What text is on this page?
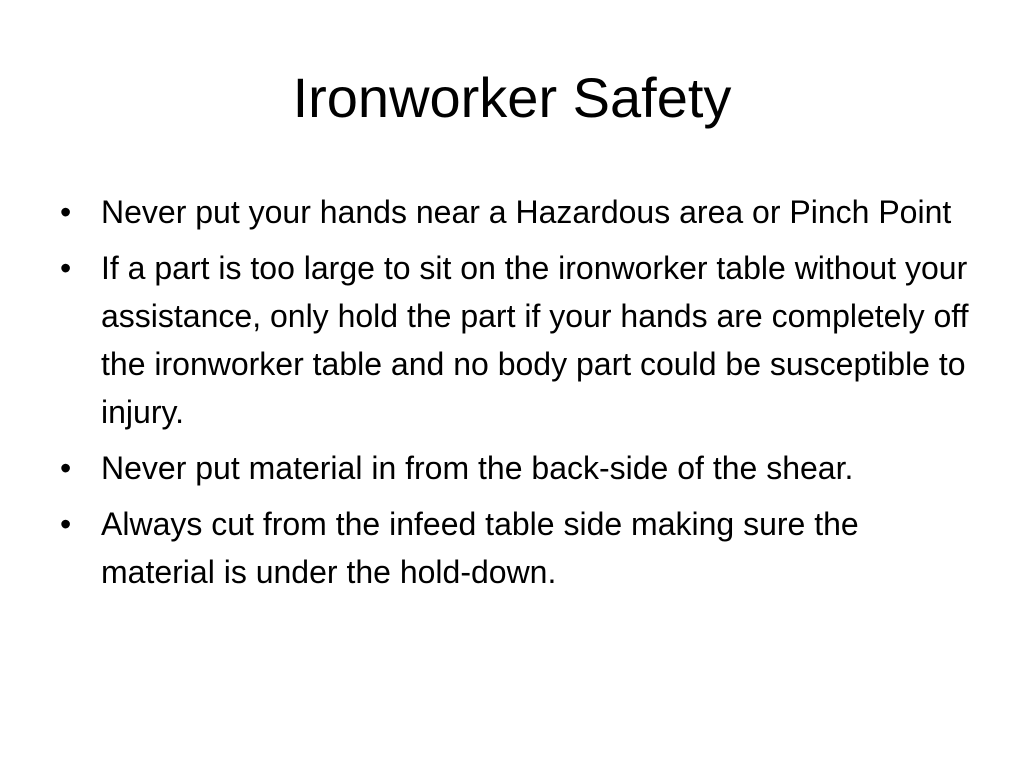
Ironworker Safety
• Never put your hands near a Hazardous area or Pinch Point
• If a part is too large to sit on the ironworker table without your assistance, only hold the part if your hands are completely off the ironworker table and no body part could be susceptible to injury.
• Never put material in from the back-side of the shear.
• Always cut from the infeed table side making sure the material is under the hold-down.
